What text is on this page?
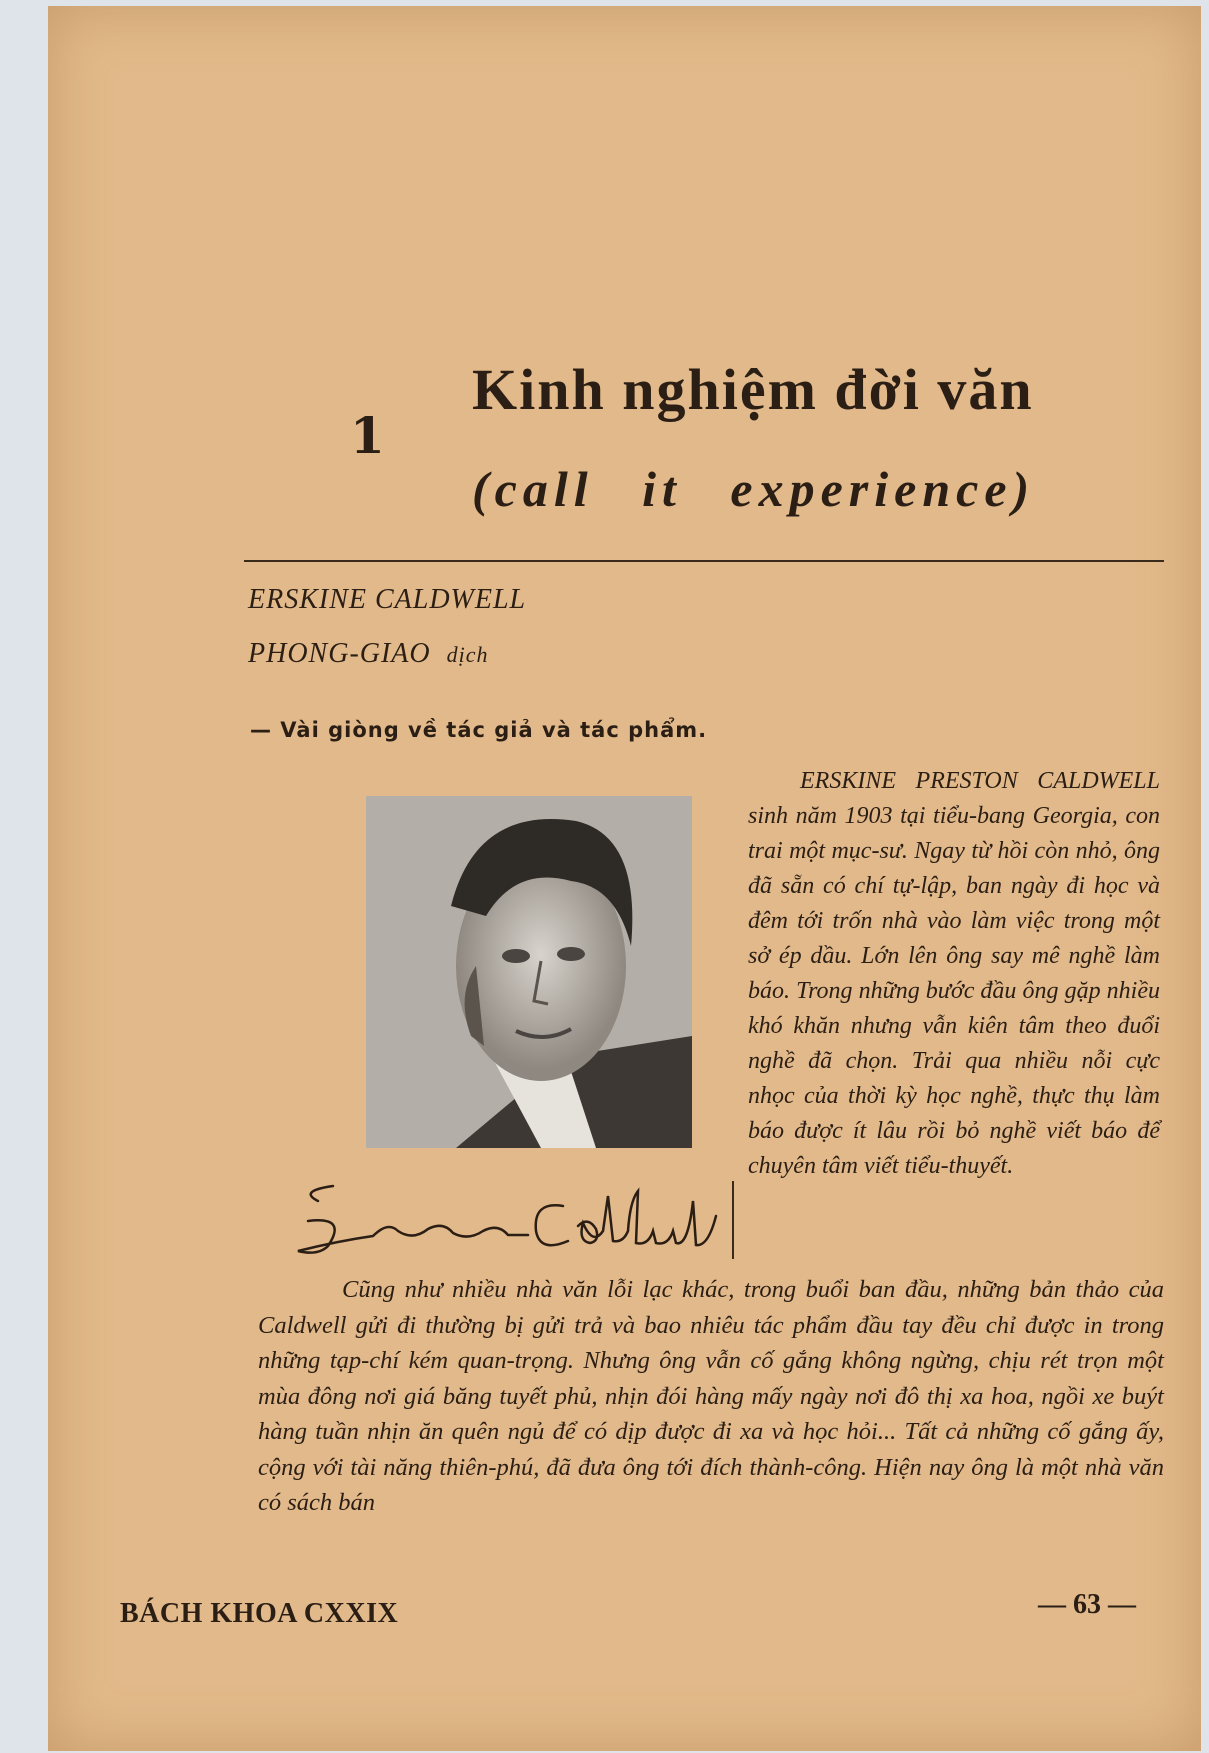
1
Kinh nghiệm đời văn
(call it experience)
ERSKINE CALDWELL
PHONG-GIAO dịch
— Vài giòng về tác giả và tác phẩm.
ERSKINE PRESTON CALDWELL sinh năm 1903 tại tiểu-bang Georgia, con trai một mục-sư. Ngay từ hồi còn nhỏ, ông đã sẵn có chí tự-lập, ban ngày đi học và đêm tới trốn nhà vào làm việc trong một sở ép dầu. Lớn lên ông say mê nghề làm báo. Trong những bước đầu ông gặp nhiều khó khăn nhưng vẫn kiên tâm theo đuổi nghề đã chọn. Trải qua nhiều nỗi cực nhọc của thời kỳ học nghề, thực thụ làm báo được ít lâu rồi bỏ nghề viết báo để chuyên tâm viết tiểu-thuyết.
Cũng như nhiều nhà văn lỗi lạc khác, trong buổi ban đầu, những bản thảo của Caldwell gửi đi thường bị gửi trả và bao nhiêu tác phẩm đầu tay đều chỉ được in trong những tạp-chí kém quan-trọng. Nhưng ông vẫn cố gắng không ngừng, chịu rét trọn một mùa đông nơi giá băng tuyết phủ, nhịn đói hàng mấy ngày nơi đô thị xa hoa, ngồi xe buýt hàng tuần nhịn ăn quên ngủ để có dịp được đi xa và học hỏi... Tất cả những cố gắng ấy, cộng với tài năng thiên-phú, đã đưa ông tới đích thành-công. Hiện nay ông là một nhà văn có sách bán
BÁCH KHOA CXXIX	— 63 —
